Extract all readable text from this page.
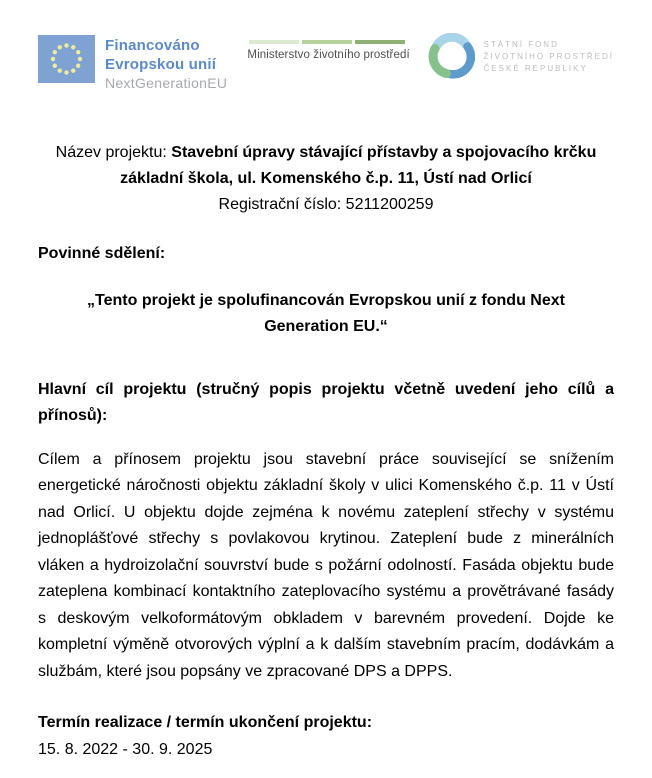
Financováno
Evropskou unií
NextGenerationEU
Ministerstvo životního prostředí
STÁTNÍ FOND
ŽIVOTNÍHO PROSTŘEDÍ
ČESKÉ REPUBLIKY

Název projektu: Stavební úpravy stávající přístavby a spojovacího krčku základní škola, ul. Komenského č.p. 11, Ústí nad Orlicí

Registrační číslo: 5211200259

Povinné sdělení:

„Tento projekt je spolufinancován Evropskou unií z fondu Next Generation EU.“

Hlavní cíl projektu (stručný popis projektu včetně uvedení jeho cílů a přínosů):

Cílem a přínosem projektu jsou stavební práce související se snížením energetické náročnosti objektu základní školy v ulici Komenského č.p. 11 v Ústí nad Orlicí. U objektu dojde zejména k novému zateplení střechy v systému jednoplášťové střechy s povlakovou krytinou. Zateplení bude z minerálních vláken a hydroizolační souvrství bude s požární odolností. Fasáda objektu bude zateplena kombinací kontaktního zateplovacího systému a provětrávané fasády s deskovým velkoformátovým obkladem v barevném provedení. Dojde ke kompletní výměně otvorových výplní a k dalším stavebním pracím, dodávkám a službám, které jsou popsány ve zpracované DPS a DPPS.

Termín realizace / termín ukončení projektu:

15. 8. 2022 - 30. 9. 2025
